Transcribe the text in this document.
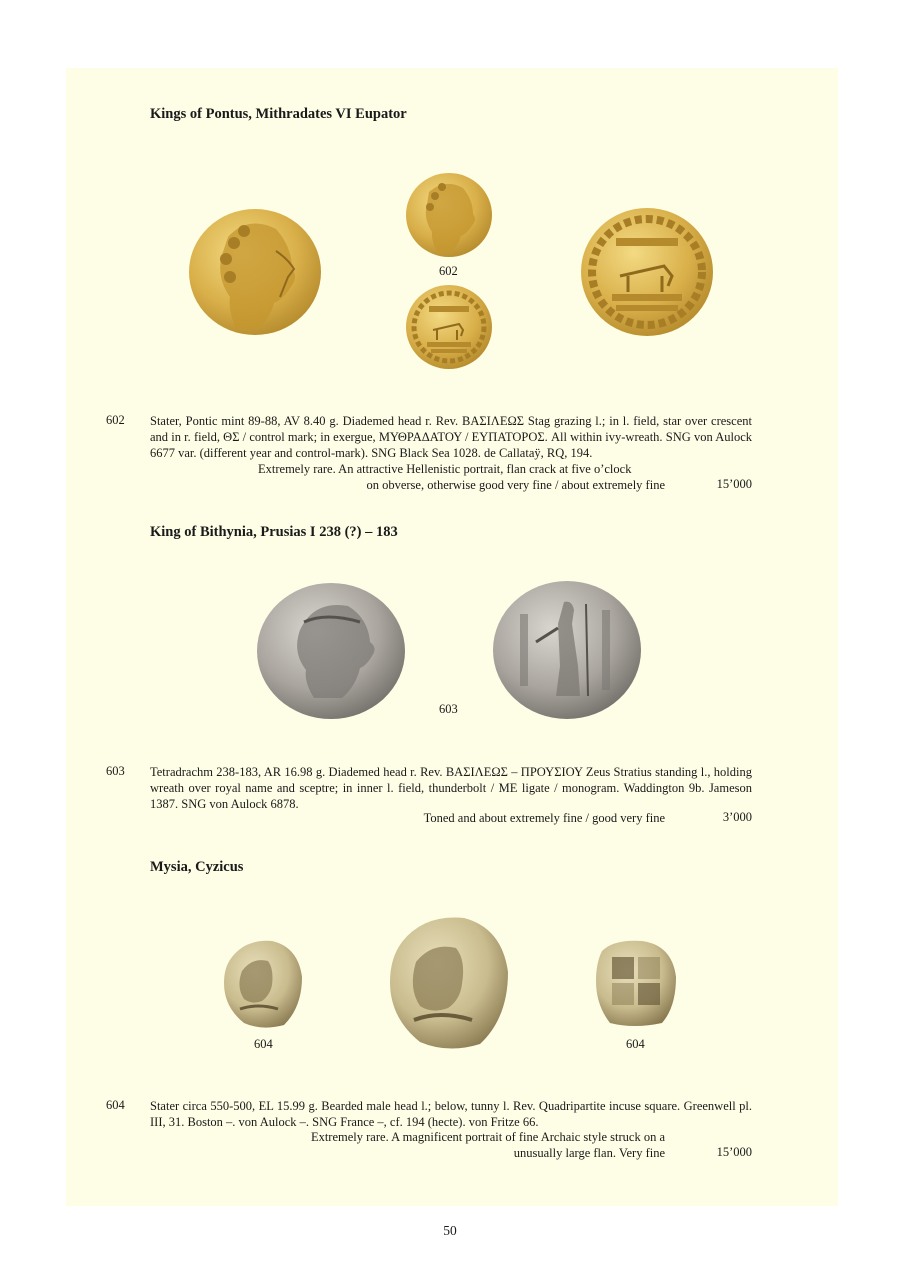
Kings of Pontus, Mithradates VI Eupator
602
602 Stater, Pontic mint 89-88, AV 8.40 g. Diademed head r. Rev. ΒΑΣΙΛΕΩΣ Stag grazing l.; in l. field, star over crescent and in r. field, ΘΣ / control mark; in exergue, ΜΥΘΡΑΔΑΤΟΥ / ΕΥΠΑΤΟΡΟΣ. All within ivy-wreath. SNG von Aulock 6677 var. (different year and control-mark). SNG Black Sea 1028. de Callataÿ, RQ, 194.
Extremely rare. An attractive Hellenistic portrait, flan crack at five o’clock
on obverse, otherwise good very fine / about extremely fine	15’000
King of Bithynia, Prusias I 238 (?) – 183
603
603 Tetradrachm 238-183, AR 16.98 g. Diademed head r. Rev. ΒΑΣΙΛΕΩΣ – ΠΡΟΥΣΙΟΥ Zeus Stratius standing l., holding wreath over royal name and sceptre; in inner l. field, thunderbolt / ME ligate / monogram. Waddington 9b. Jameson 1387. SNG von Aulock 6878.
Toned and about extremely fine / good very fine	3’000
Mysia, Cyzicus
604	604
604 Stater circa 550-500, EL 15.99 g. Bearded male head l.; below, tunny l. Rev. Quadripartite incuse square. Greenwell pl. III, 31. Boston –. von Aulock –. SNG France –, cf. 194 (hecte). von Fritze 66.
Extremely rare. A magnificent portrait of fine Archaic style struck on a
unusually large flan. Very fine	15’000
50
